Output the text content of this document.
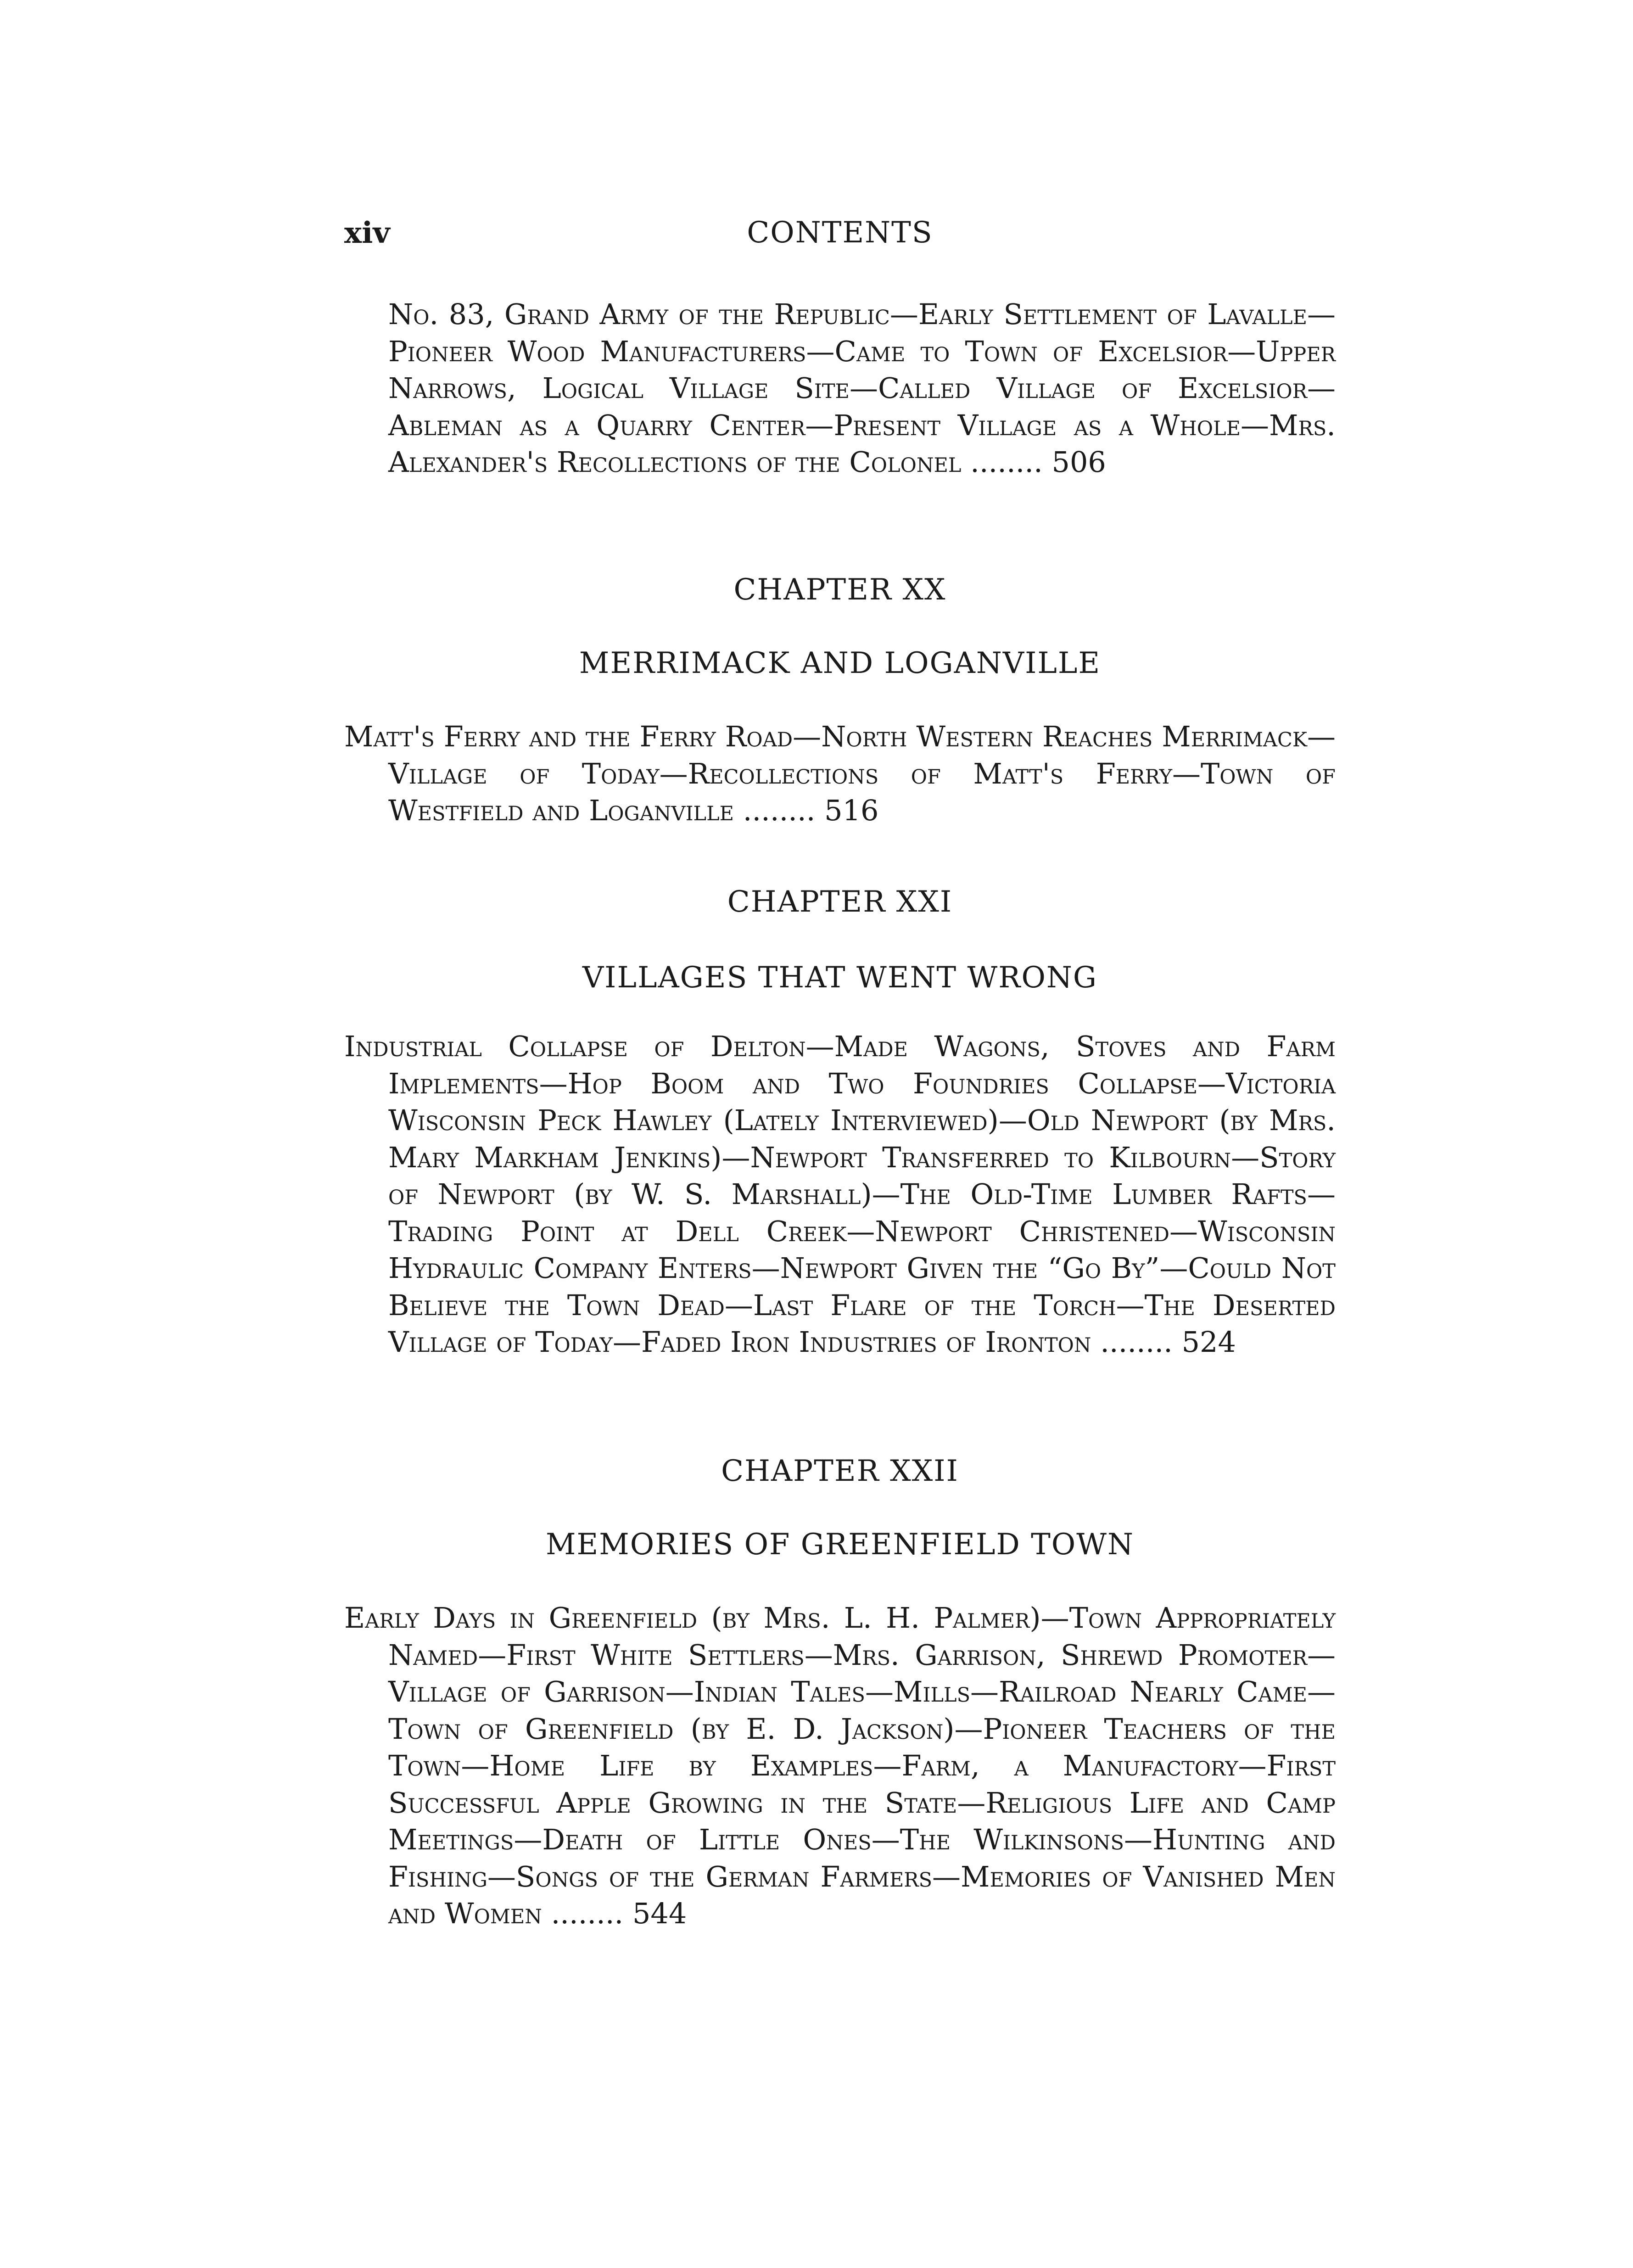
xiv	CONTENTS
No. 83, Grand Army of the Republic—Early Settlement of Lavalle—Pioneer Wood Manufacturers—Came to Town of Excelsior—Upper Narrows, Logical Village Site—Called Village of Excelsior—Ableman as a Quarry Center—Present Village as a Whole—Mrs. Alexander's Recollections of the Colonel ........ 506
CHAPTER XX
MERRIMACK AND LOGANVILLE
Matt's Ferry and the Ferry Road—North Western Reaches Merrimack—Village of Today—Recollections of Matt's Ferry—Town of Westfield and Loganville ........ 516
CHAPTER XXI
VILLAGES THAT WENT WRONG
Industrial Collapse of Delton—Made Wagons, Stoves and Farm Implements—Hop Boom and Two Foundries Collapse—Victoria Wisconsin Peck Hawley (Lately Interviewed)—Old Newport (by Mrs. Mary Markham Jenkins)—Newport Transferred to Kilbourn—Story of Newport (by W. S. Marshall)—The Old-Time Lumber Rafts—Trading Point at Dell Creek—Newport Christened—Wisconsin Hydraulic Company Enters—Newport Given the “Go By”—Could Not Believe the Town Dead—Last Flare of the Torch—The Deserted Village of Today—Faded Iron Industries of Ironton ........ 524
CHAPTER XXII
MEMORIES OF GREENFIELD TOWN
Early Days in Greenfield (by Mrs. L. H. Palmer)—Town Appropriately Named—First White Settlers—Mrs. Garrison, Shrewd Promoter—Village of Garrison—Indian Tales—Mills—Railroad Nearly Came—Town of Greenfield (by E. D. Jackson)—Pioneer Teachers of the Town—Home Life by Examples—Farm, a Manufactory—First Successful Apple Growing in the State—Religious Life and Camp Meetings—Death of Little Ones—The Wilkinsons—Hunting and Fishing—Songs of the German Farmers—Memories of Vanished Men and Women ........ 544
